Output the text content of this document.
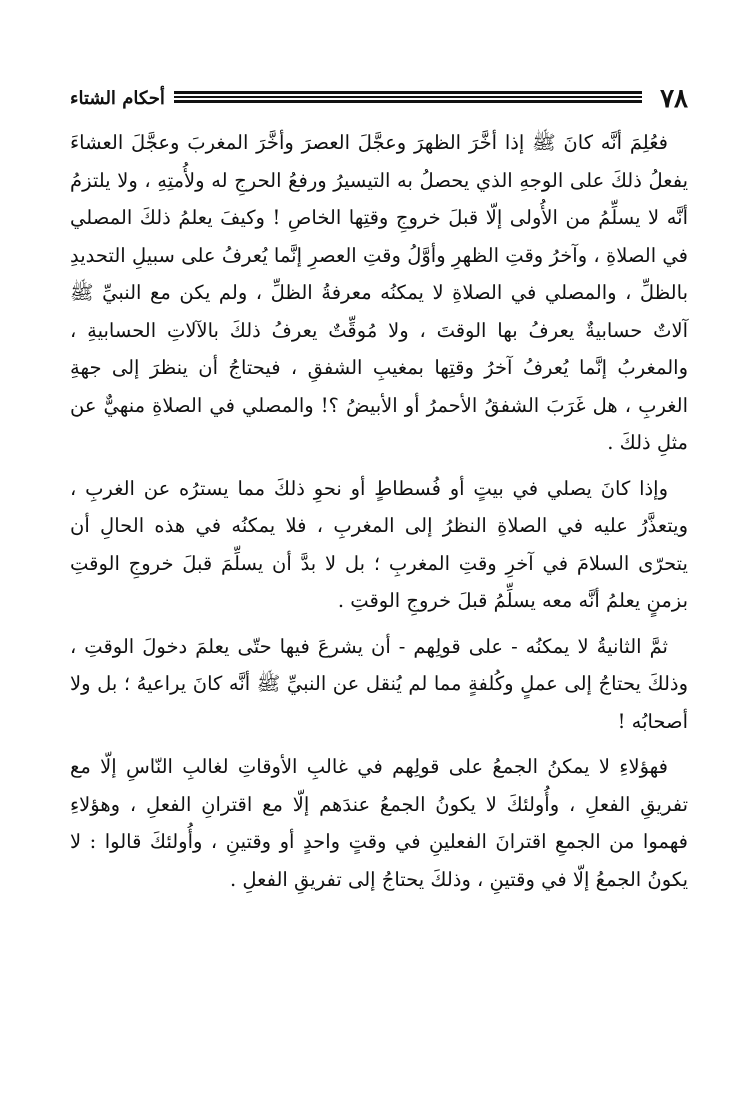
٧٨
أحكام الشتاء

فعُلِمَ أنَّه كانَ ﷺ إذا أخَّرَ الظهرَ وعجَّلَ العصرَ وأخَّرَ المغربَ وعجَّلَ العشاءَ يفعلُ ذلكَ على الوجهِ الذي يحصلُ به التيسيرُ ورفعُ الحرجِ له ولأُمتِهِ ، ولا يلتزمُ أنَّه لا يسلِّمُ من الأُولى إلّا قبلَ خروجِ وقتِها الخاصِ ! وكيفَ يعلمُ ذلكَ المصلي في الصلاةِ ، وآخرُ وقتِ الظهرِ وأوَّلُ وقتِ العصرِ إنَّما يُعرفُ على سبيلِ التحديدِ بالظلِّ ، والمصلي في الصلاةِ لا يمكنُه معرفةُ الظلِّ ، ولم يكن مع النبيِّ ﷺ آلاتٌ حسابيةٌ يعرفُ بها الوقتَ ، ولا مُوقِّتٌ يعرفُ ذلكَ بالآلاتِ الحسابيةِ ، والمغربُ إنَّما يُعرفُ آخرُ وقتِها بمغيبِ الشفقِ ، فيحتاجُ أن ينظرَ إلى جهةِ الغربِ ، هل غَرَبَ الشفقُ الأحمرُ أو الأبيضُ ؟! والمصلي في الصلاةِ منهيٌّ عن مثلِ ذلكَ .

وإذا كانَ يصلي في بيتٍ أو فُسطاطٍ أو نحوِ ذلكَ مما يسترُه عن الغربِ ، ويتعذَّرُ عليه في الصلاةِ النظرُ إلى المغربِ ، فلا يمكنُه في هذه الحالِ أن يتحرّى السلامَ في آخرِ وقتِ المغربِ ؛ بل لا بدَّ أن يسلِّمَ قبلَ خروجِ الوقتِ بزمنٍ يعلمُ أنَّه معه يسلِّمُ قبلَ خروجِ الوقتِ .

ثمَّ الثانيةُ لا يمكنُه - على قولِهم - أن يشرعَ فيها حتّى يعلمَ دخولَ الوقتِ ، وذلكَ يحتاجُ إلى عملٍ وكُلفةٍ مما لم يُنقل عن النبيِّ ﷺ أنَّه كانَ يراعيهُ ؛ بل ولا أصحابُه !

فهؤلاءِ لا يمكنُ الجمعُ على قولِهم في غالبِ الأوقاتِ لغالبِ النّاسِ إلّا مع تفريقِ الفعلِ ، وأُولئكَ لا يكونُ الجمعُ عندَهم إلّا مع اقترانِ الفعلِ ، وهؤلاءِ فهموا من الجمعِ اقترانَ الفعلينِ في وقتٍ واحدٍ أو وقتينِ ، وأُولئكَ قالوا : لا يكونُ الجمعُ إلّا في وقتينِ ، وذلكَ يحتاجُ إلى تفريقِ الفعلِ .
